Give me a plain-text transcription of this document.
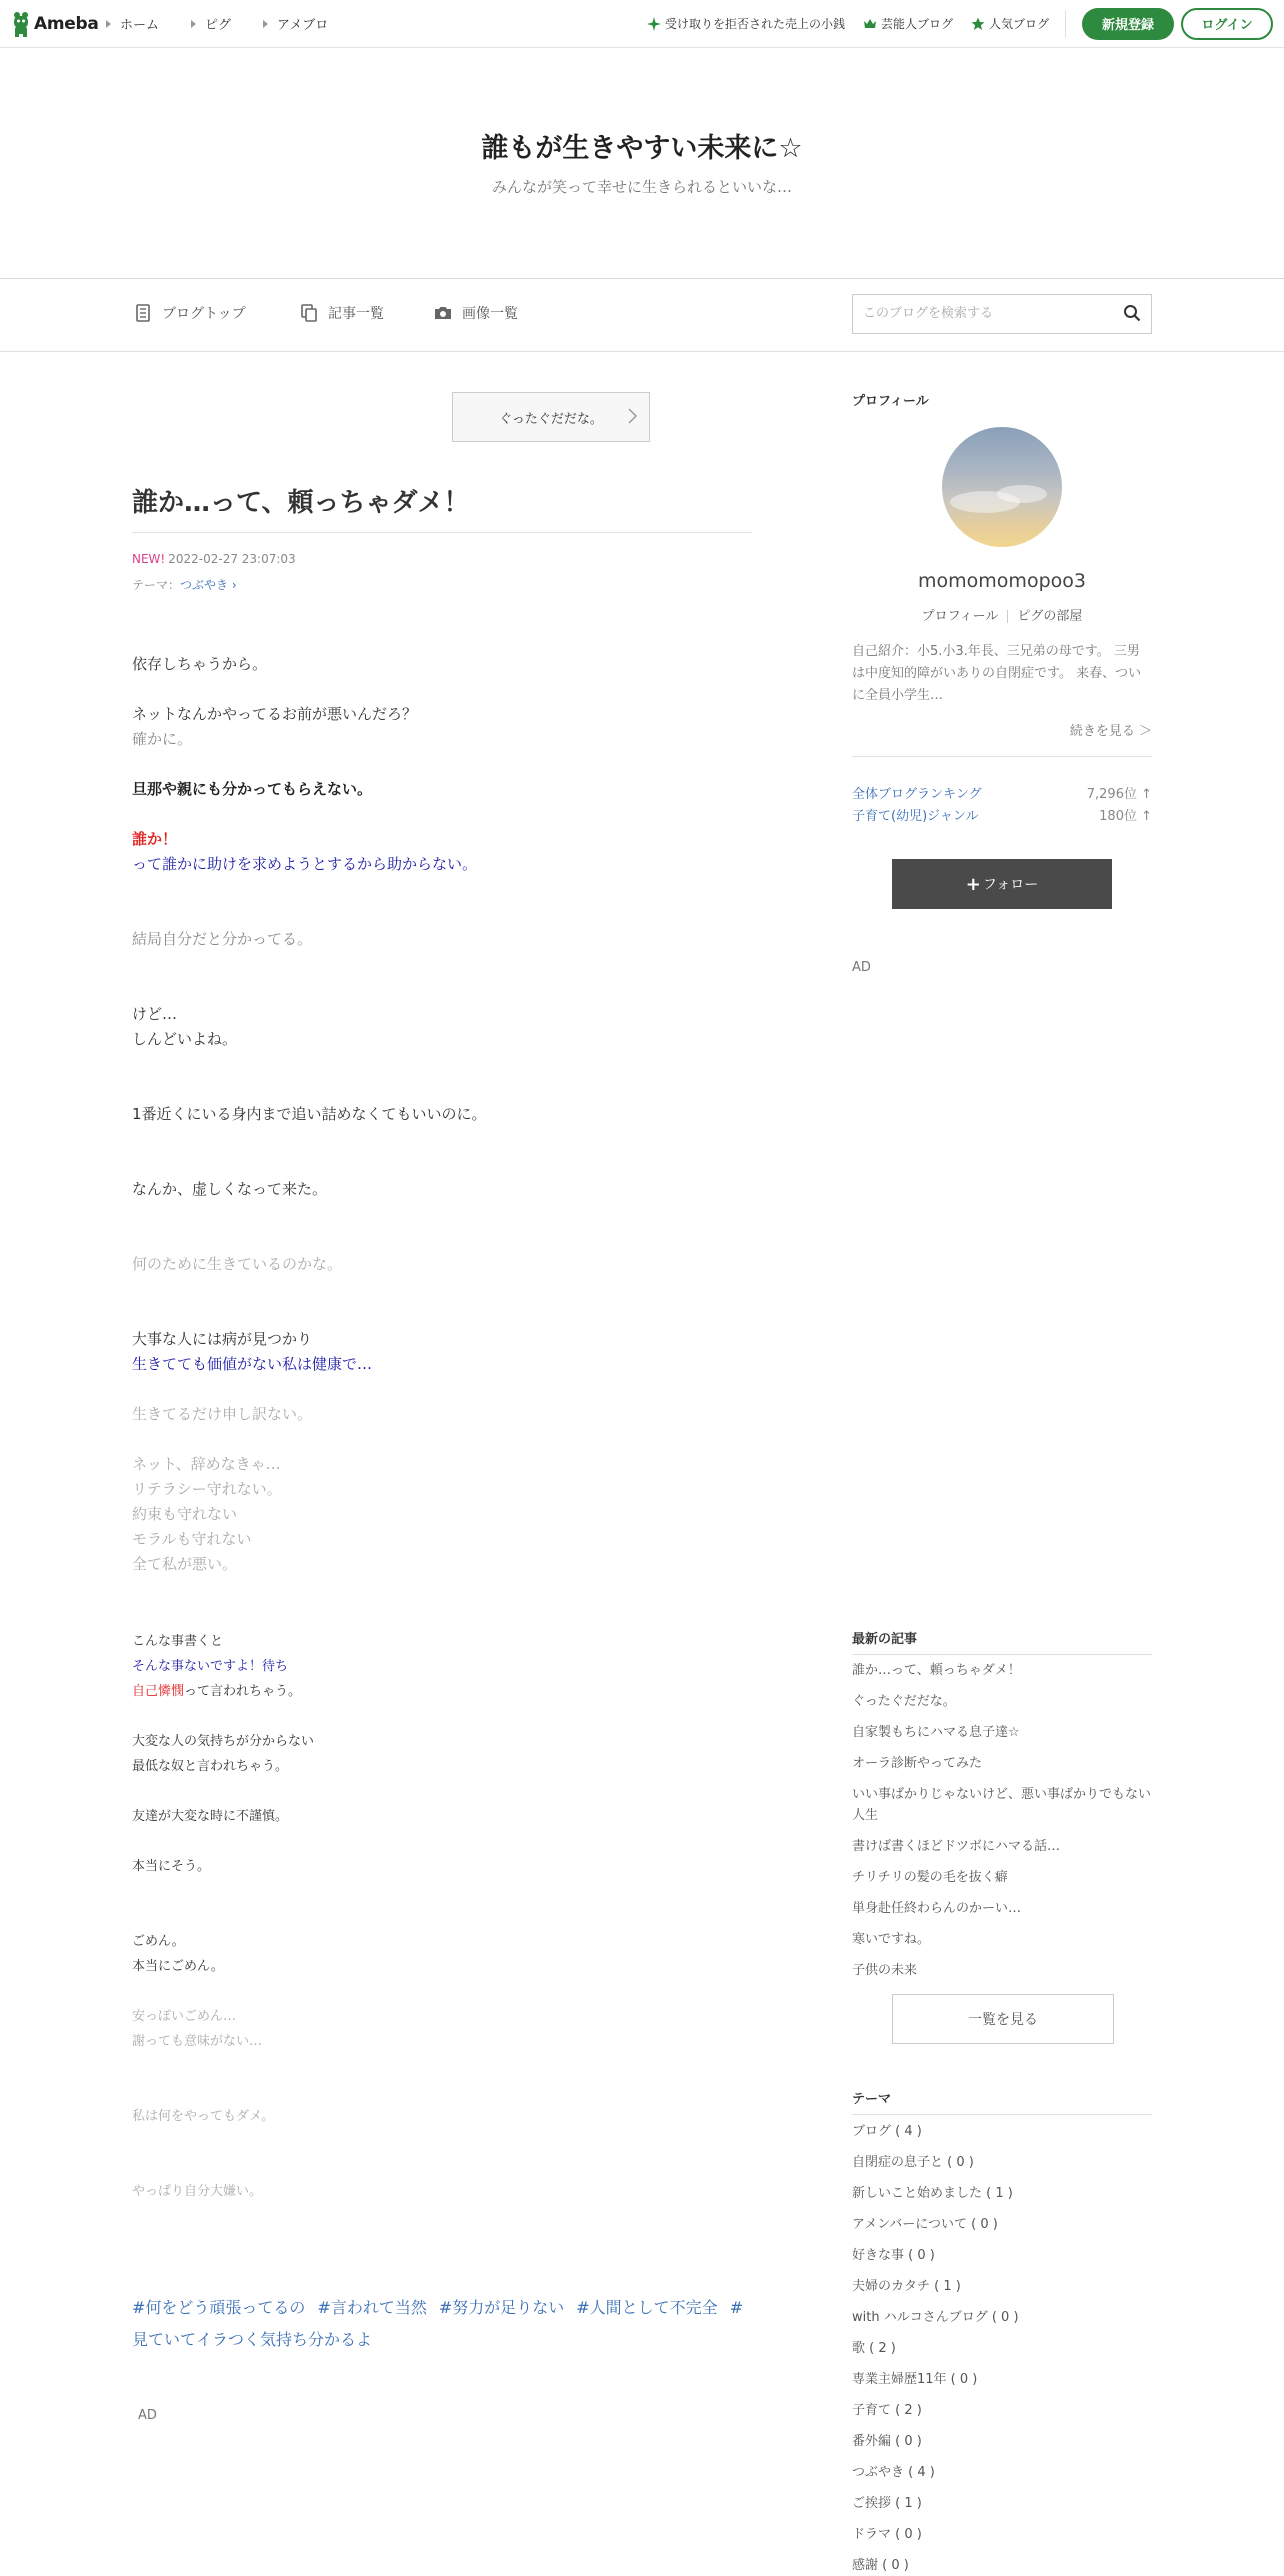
Ameba ホーム	ピグ	アメブロ	受け取りを拒否された売上の小銭	芸能人ブログ	人気ブログ	新規登録	ログイン
誰もが生きやすい未来に☆
みんなが笑って幸せに生きられるといいな…
ブログトップ	記事一覧	画像一覧
このブログを検索する
ぐったぐだだな。
誰か…って、頼っちゃダメ！
NEW! 2022-02-27 23:07:03
テーマ：つぶやき ›
依存しちゃうから。
ネットなんかやってるお前が悪いんだろ？
確かに。
旦那や親にも分かってもらえない。
誰か！
って誰かに助けを求めようとするから助からない。
結局自分だと分かってる。
けど…
しんどいよね。
1番近くにいる身内まで追い詰めなくてもいいのに。
なんか、虚しくなって来た。
何のために生きているのかな。
大事な人には病が見つかり
生きてても価値がない私は健康で…
生きてるだけ申し訳ない。
ネット、辞めなきゃ…
リテラシー守れない。
約束も守れない
モラルも守れない
全て私が悪い。
こんな事書くと
そんな事ないですよ！待ち
自己憐憫って言われちゃう。
大変な人の気持ちが分からない
最低な奴と言われちゃう。
友達が大変な時に不謹慎。
本当にそう。
ごめん。
本当にごめん。
安っぽいごめん…
謝っても意味がない…
私は何をやってもダメ。
やっぱり自分大嫌い。
#何をどう頑張ってるの #言われて当然 #努力が足りない #人間として不完全 #見ていてイラつく気持ち分かるよ
AD
プロフィール
momomomopoo3
プロフィール ピグの部屋
自己紹介：小5.小3.年長、三兄弟の母です。 三男は中度知的障がいありの自閉症です。 来春、ついに全員小学生…
続きを見る ＞
全体ブログランキング	7,296位 ↑
子育て(幼児)ジャンル	180位 ↑
+ フォロー
AD
最新の記事
誰か…って、頼っちゃダメ！
ぐったぐだだな。
自家製もちにハマる息子達☆
オーラ診断やってみた
いい事ばかりじゃないけど、悪い事ばかりでもない人生
書けば書くほどドツボにハマる話…
チリチリの髪の毛を抜く癖
単身赴任終わらんのかーい…
寒いですね。
子供の未来
一覧を見る
テーマ
ブログ ( 4 )
自閉症の息子と ( 0 )
新しいこと始めました ( 1 )
アメンバーについて ( 0 )
好きな事 ( 0 )
夫婦のカタチ ( 1 )
with ハルコさんブログ ( 0 )
歌 ( 2 )
専業主婦歴11年 ( 0 )
子育て ( 2 )
番外編 ( 0 )
つぶやき ( 4 )
ご挨拶 ( 1 )
ドラマ ( 0 )
感謝 ( 0 )
